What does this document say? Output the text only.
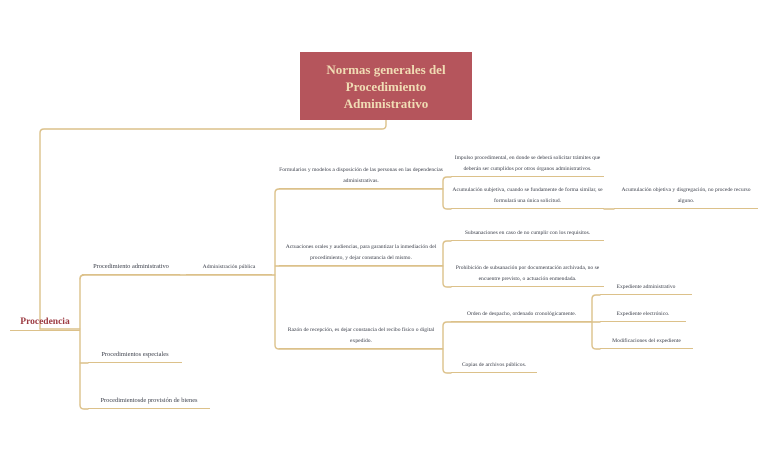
Normas generales del
Procedimiento
Administrativo
Procedencia
Procedimiento administrativo
Procedimientos especiales
Procedimientosde provisión de bienes
Administración pública
Formularios y modelos a disposición de las personas en las dependencias administrativas.
Actuaciones orales y audiencias, para garantizar la inmediación del procedimiento, y dejar constancia del mismo.
Razón de recepción, es dejar constancia del recibo físico o digital expedido.
Impulso procedimental, en donde se deberá solicitar trámites que deberán ser cumplidos por otros órganos administrativos.
Acumulación subjetiva, cuando se fundamente de forma similar, se formulará una única solicitud.
Acumulación objetiva y disgregación, no procede recurso alguno.
Subsanaciones en caso de no cumplir con los requisitos.
Prohibición de subsanación por documentación archivada, no se encuentre previsto, o actuación enmendada.
Orden de despacho, ordenado cronológicamente.
Copias de archivos públicos.
Expediente administrativo
Expediente electrónico.
Modificaciones del expediente
